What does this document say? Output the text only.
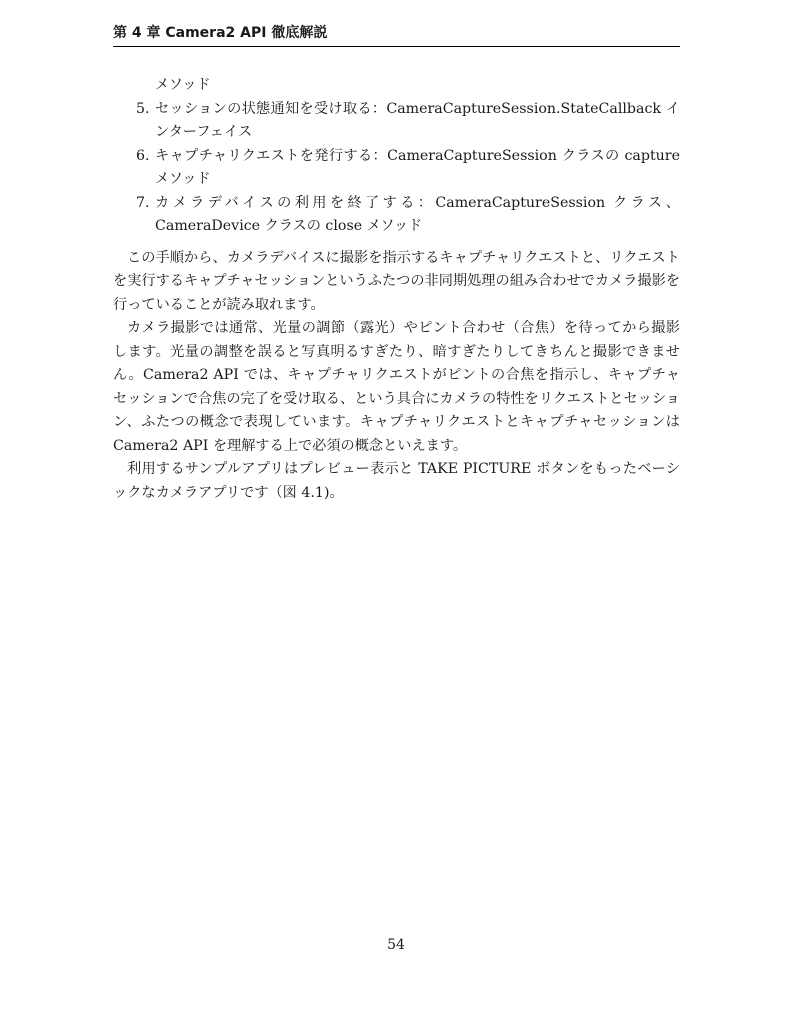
第 4 章 Camera2 API 徹底解説
メソッド
5. セッションの状態通知を受け取る：CameraCaptureSession.StateCallback インターフェイス
6. キャプチャリクエストを発行する：CameraCaptureSession クラスの capture メソッド
7. カメラデバイスの利用を終了する：CameraCaptureSession クラス、CameraDevice クラスの close メソッド

この手順から、カメラデバイスに撮影を指示するキャプチャリクエストと、リクエストを実行するキャプチャセッションというふたつの非同期処理の組み合わせでカメラ撮影を行っていることが読み取れます。

カメラ撮影では通常、光量の調節（露光）やピント合わせ（合焦）を待ってから撮影します。光量の調整を誤ると写真明るすぎたり、暗すぎたりしてきちんと撮影できません。Camera2 API では、キャプチャリクエストがピントの合焦を指示し、キャプチャセッションで合焦の完了を受け取る、という具合にカメラの特性をリクエストとセッション、ふたつの概念で表現しています。キャプチャリクエストとキャプチャセッションは Camera2 API を理解する上で必須の概念といえます。

利用するサンプルアプリはプレビュー表示と TAKE PICTURE ボタンをもったベーシックなカメラアプリです（図 4.1)。

54
